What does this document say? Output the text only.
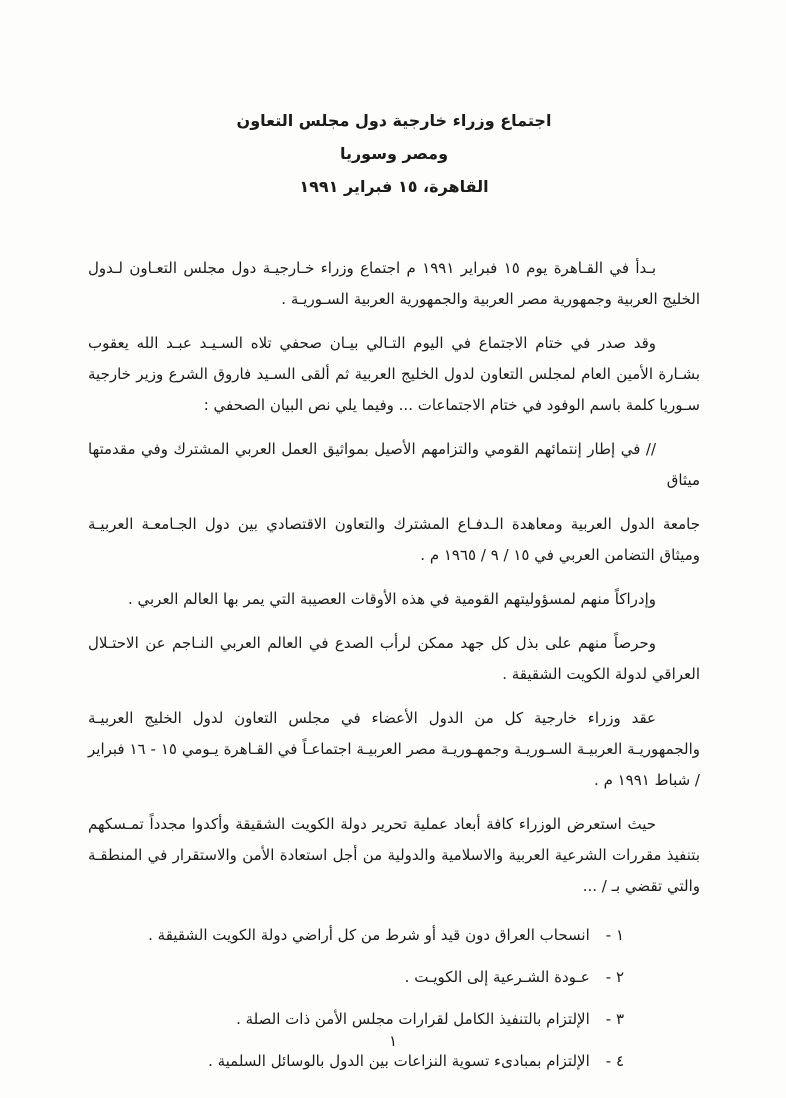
اجتماع وزراء خارجية دول مجلس التعاون
ومصر وسوريا
القاهرة، ١٥ فبراير ١٩٩١

بـدأ في القـاهرة يوم ١٥ فبراير ١٩٩١ م اجتماع وزراء خـارجيـة دول مجلس التعـاون لـدول الخليج العربية وجمهورية مصر العربية والجمهورية العربية السـوريـة .

وقد صدر في ختام الاجتماع في اليوم التـالي بيـان صحفي تلاه السـيـد عبـد الله يعقوب بشـارة الأمين العام لمجلس التعاون لدول الخليج العربية ثم ألقى السـيد فاروق الشرع وزير خارجية سـوريا كلمة باسم الوفود في ختام الاجتماعات ... وفيما يلي نص البيان الصحفي :

// في إطار إنتمائهم القومي والتزامهم الأصيل بمواثيق العمل العربي المشترك وفي مقدمتها ميثاق

جامعة الدول العربية ومعاهدة الـدفـاع المشترك والتعاون الاقتصادي بين دول الجـامعـة العربيـة وميثاق التضامن العربي في ١٥ / ٩ / ١٩٦٥ م .

وإدراكاً منهم لمسؤوليتهم القومية في هذه الأوقات العصيبة التي يمر بها العالم العربي .

وحرصاً منهم على بذل كل جهد ممكن لرأب الصدع في العالم العربي النـاجم عن الاحتـلال العراقي لدولة الكويت الشقيقة .

عقد وزراء خارجية كل من الدول الأعضاء في مجلس التعاون لدول الخليج العربيـة والجمهوريـة العربيـة السـوريـة وجمهـوريـة مصر العربيـة اجتماعـاً في القـاهرة يـومي ١٥ - ١٦ فبراير / شباط ١٩٩١ م .

حيث استعرض الوزراء كافة أبعاد عملية تحرير دولة الكويت الشقيقة وأكدوا مجدداً تمـسكهم بتنفيذ مقررات الشرعية العربية والاسلامية والدولية من أجل استعادة الأمن والاستقرار في المنطقـة والتي تقضي بـ / ...

١ -
انسحاب العراق دون قيد أو شرط من كل أراضي دولة الكويت الشقيقة .
٢ -
عـودة الشـرعية إلى الكويـت .
٣ -
الإلتزام بالتنفيذ الكامل لقرارات مجلس الأمن ذات الصلة .
٤ -
الإلتزام بمبادىء تسوية النزاعات بين الدول بالوسائل السلمية .
١
